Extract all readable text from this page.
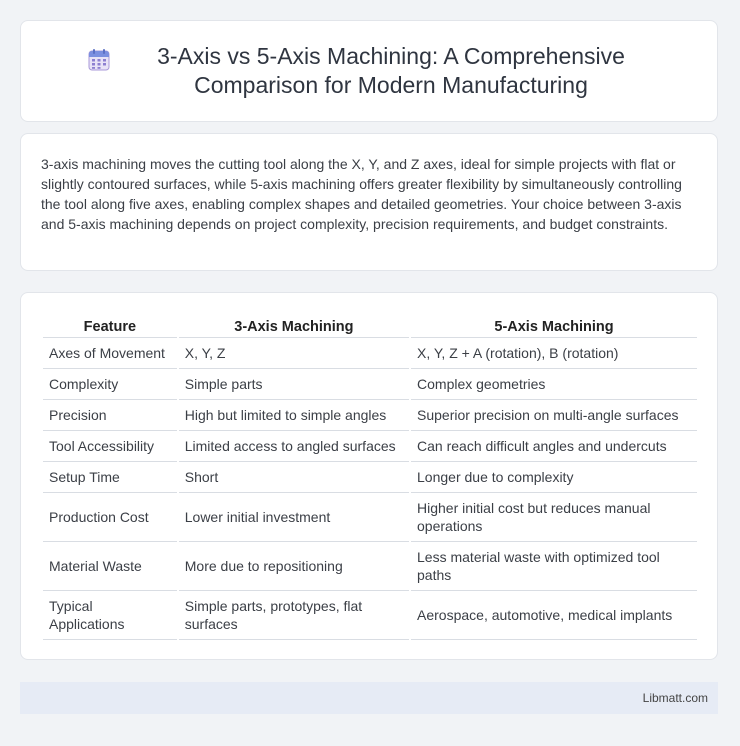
3-Axis vs 5-Axis Machining: A Comprehensive Comparison for Modern Manufacturing

3-axis machining moves the cutting tool along the X, Y, and Z axes, ideal for simple projects with flat or slightly contoured surfaces, while 5-axis machining offers greater flexibility by simultaneously controlling the tool along five axes, enabling complex shapes and detailed geometries. Your choice between 3-axis and 5-axis machining depends on project complexity, precision requirements, and budget constraints.

Feature	3-Axis Machining	5-Axis Machining
Axes of Movement	X, Y, Z	X, Y, Z + A (rotation), B (rotation)
Complexity	Simple parts	Complex geometries
Precision	High but limited to simple angles	Superior precision on multi-angle surfaces
Tool Accessibility	Limited access to angled surfaces	Can reach difficult angles and undercuts
Setup Time	Short	Longer due to complexity
Production Cost	Lower initial investment	Higher initial cost but reduces manual operations
Material Waste	More due to repositioning	Less material waste with optimized tool paths
Typical Applications	Simple parts, prototypes, flat surfaces	Aerospace, automotive, medical implants
Libmatt.com
